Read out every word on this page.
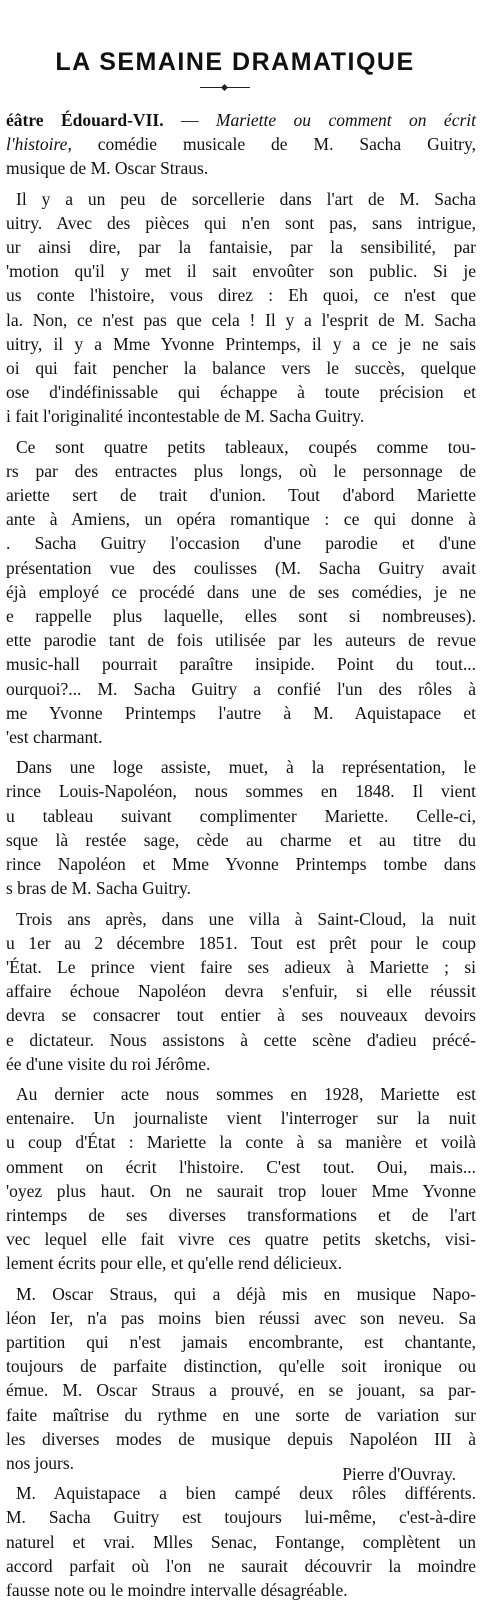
LA SEMAINE DRAMATIQUE
éâtre Édouard-VII. — Mariette ou comment on écrit
l'histoire, comédie musicale de M. Sacha Guitry,
musique de M. Oscar Straus.
Il y a un peu de sorcellerie dans l'art de M. Sacha
uitry. Avec des pièces qui n'en sont pas, sans intrigue,
ur ainsi dire, par la fantaisie, par la sensibilité, par
'motion qu'il y met il sait envoûter son public. Si je
us conte l'histoire, vous direz : Eh quoi, ce n'est que
la. Non, ce n'est pas que cela ! Il y a l'esprit de M. Sacha
uitry, il y a Mme Yvonne Printemps, il y a ce je ne sais
oi qui fait pencher la balance vers le succès, quelque
ose d'indéfinissable qui échappe à toute précision et
i fait l'originalité incontestable de M. Sacha Guitry.
Ce sont quatre petits tableaux, coupés comme tou-
rs par des entractes plus longs, où le personnage de
ariette sert de trait d'union. Tout d'abord Mariette
ante à Amiens, un opéra romantique : ce qui donne à
. Sacha Guitry l'occasion d'une parodie et d'une
présentation vue des coulisses (M. Sacha Guitry avait
éjà employé ce procédé dans une de ses comédies, je ne
e rappelle plus laquelle, elles sont si nombreuses).
ette parodie tant de fois utilisée par les auteurs de revue
music-hall pourrait paraître insipide. Point du tout...
ourquoi?... M. Sacha Guitry a confié l'un des rôles à
me Yvonne Printemps l'autre à M. Aquistapace et
'est charmant.
Dans une loge assiste, muet, à la représentation, le
rince Louis-Napoléon, nous sommes en 1848. Il vient
u tableau suivant complimenter Mariette. Celle-ci,
sque là restée sage, cède au charme et au titre du
rince Napoléon et Mme Yvonne Printemps tombe dans
s bras de M. Sacha Guitry.
Trois ans après, dans une villa à Saint-Cloud, la nuit
u 1er au 2 décembre 1851. Tout est prêt pour le coup
'État. Le prince vient faire ses adieux à Mariette ; si
affaire échoue Napoléon devra s'enfuir, si elle réussit
devra se consacrer tout entier à ses nouveaux devoirs
e dictateur. Nous assistons à cette scène d'adieu précé-
ée d'une visite du roi Jérôme.
Au dernier acte nous sommes en 1928, Mariette est
entenaire. Un journaliste vient l'interroger sur la nuit
u coup d'État : Mariette la conte à sa manière et voilà
omment on écrit l'histoire. C'est tout. Oui, mais...
'oyez plus haut. On ne saurait trop louer Mme Yvonne
rintemps de ses diverses transformations et de l'art
vec lequel elle fait vivre ces quatre petits sketchs, visi-
lement écrits pour elle, et qu'elle rend délicieux.
M. Oscar Straus, qui a déjà mis en musique Napo-
léon Ier, n'a pas moins bien réussi avec son neveu. Sa
partition qui n'est jamais encombrante, est chantante,
toujours de parfaite distinction, qu'elle soit ironique ou
émue. M. Oscar Straus a prouvé, en se jouant, sa par-
faite maîtrise du rythme en une sorte de variation sur
les diverses modes de musique depuis Napoléon III à
nos jours.
M. Aquistapace a bien campé deux rôles différents.
M. Sacha Guitry est toujours lui-même, c'est-à-dire
naturel et vrai. Mlles Senac, Fontange, complètent un
accord parfait où l'on ne saurait découvrir la moindre
fausse note ou le moindre intervalle désagréable.
Pierre d'Ouvray.
